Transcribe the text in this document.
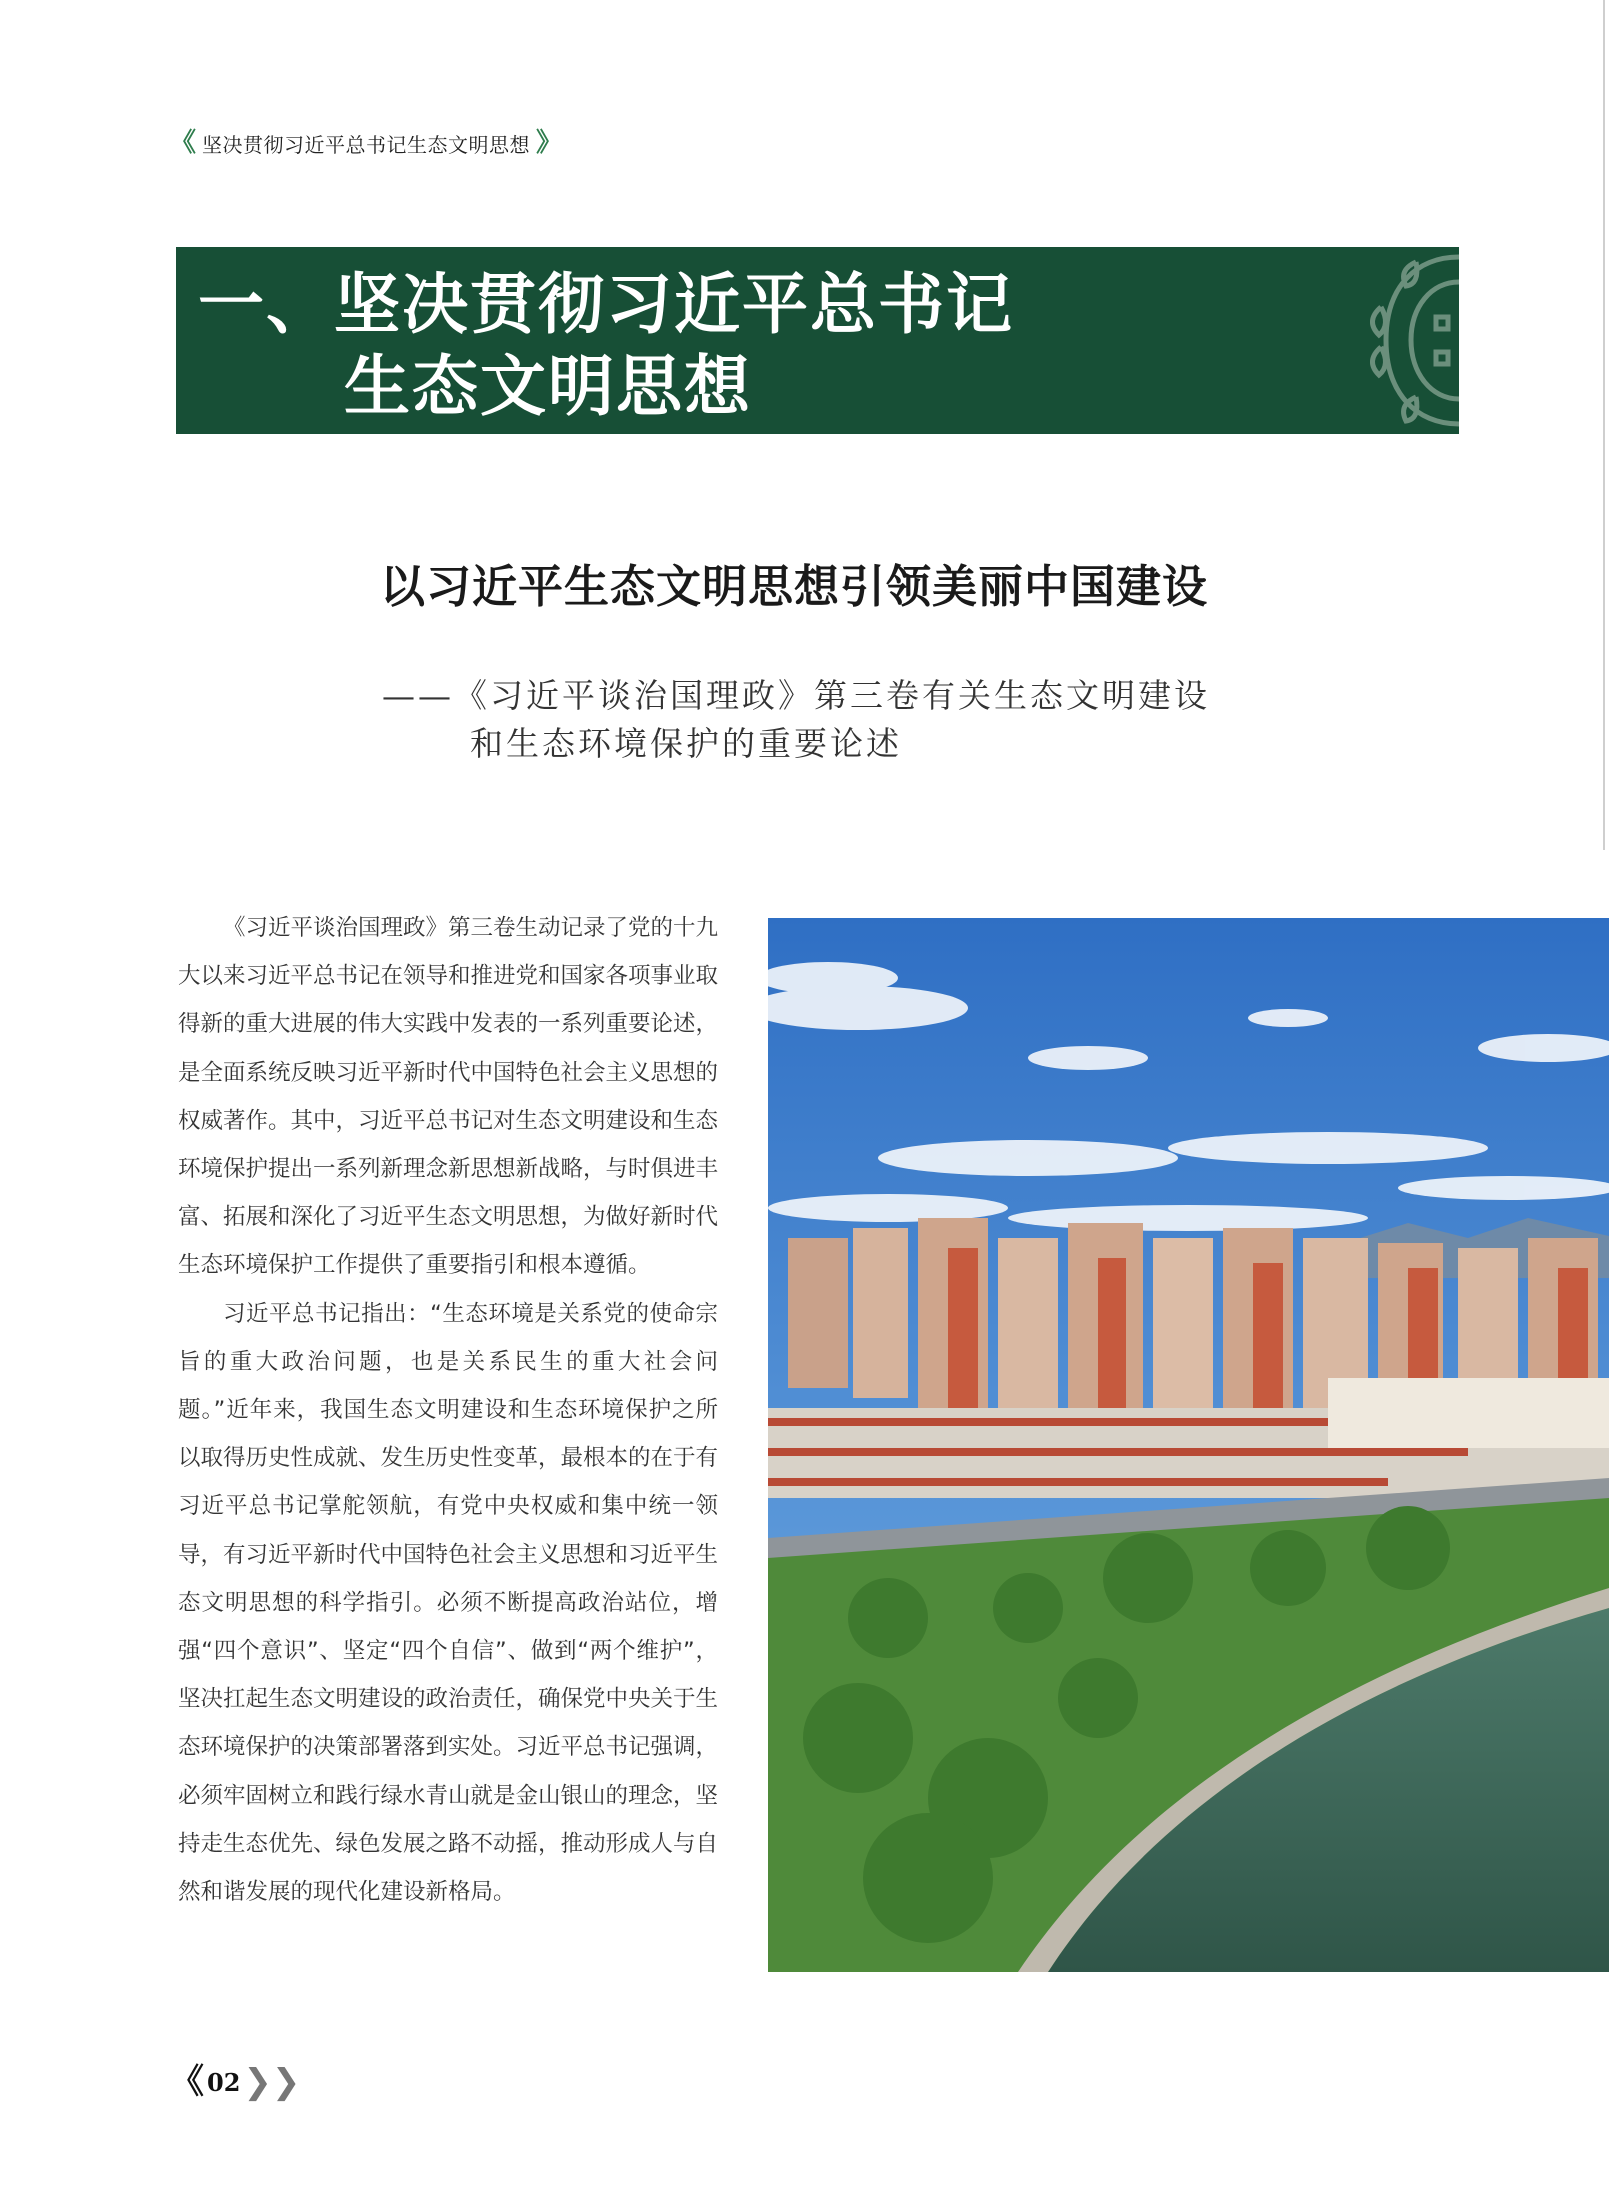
《 坚决贯彻习近平总书记生态文明思想 》
一、坚决贯彻习近平总书记
生态文明思想
以习近平生态文明思想引领美丽中国建设
——《习近平谈治国理政》第三卷有关生态文明建设
和生态环境保护的重要论述

《习近平谈治国理政》第三卷生动记录了党的十九大以来习近平总书记在领导和推进党和国家各项事业取得新的重大进展的伟大实践中发表的一系列重要论述，是全面系统反映习近平新时代中国特色社会主义思想的权威著作。其中，习近平总书记对生态文明建设和生态环境保护提出一系列新理念新思想新战略，与时俱进丰富、拓展和深化了习近平生态文明思想，为做好新时代生态环境保护工作提供了重要指引和根本遵循。

习近平总书记指出：“生态环境是关系党的使命宗旨的重大政治问题，也是关系民生的重大社会问题。”近年来，我国生态文明建设和生态环境保护之所以取得历史性成就、发生历史性变革，最根本的在于有习近平总书记掌舵领航，有党中央权威和集中统一领导，有习近平新时代中国特色社会主义思想和习近平生态文明思想的科学指引。必须不断提高政治站位，增强“四个意识”、坚定“四个自信”、做到“两个维护”，坚决扛起生态文明建设的政治责任，确保党中央关于生态环境保护的决策部署落到实处。习近平总书记强调，必须牢固树立和践行绿水青山就是金山银山的理念，坚持走生态优先、绿色发展之路不动摇，推动形成人与自然和谐发展的现代化建设新格局。

《 02 ❯❯
